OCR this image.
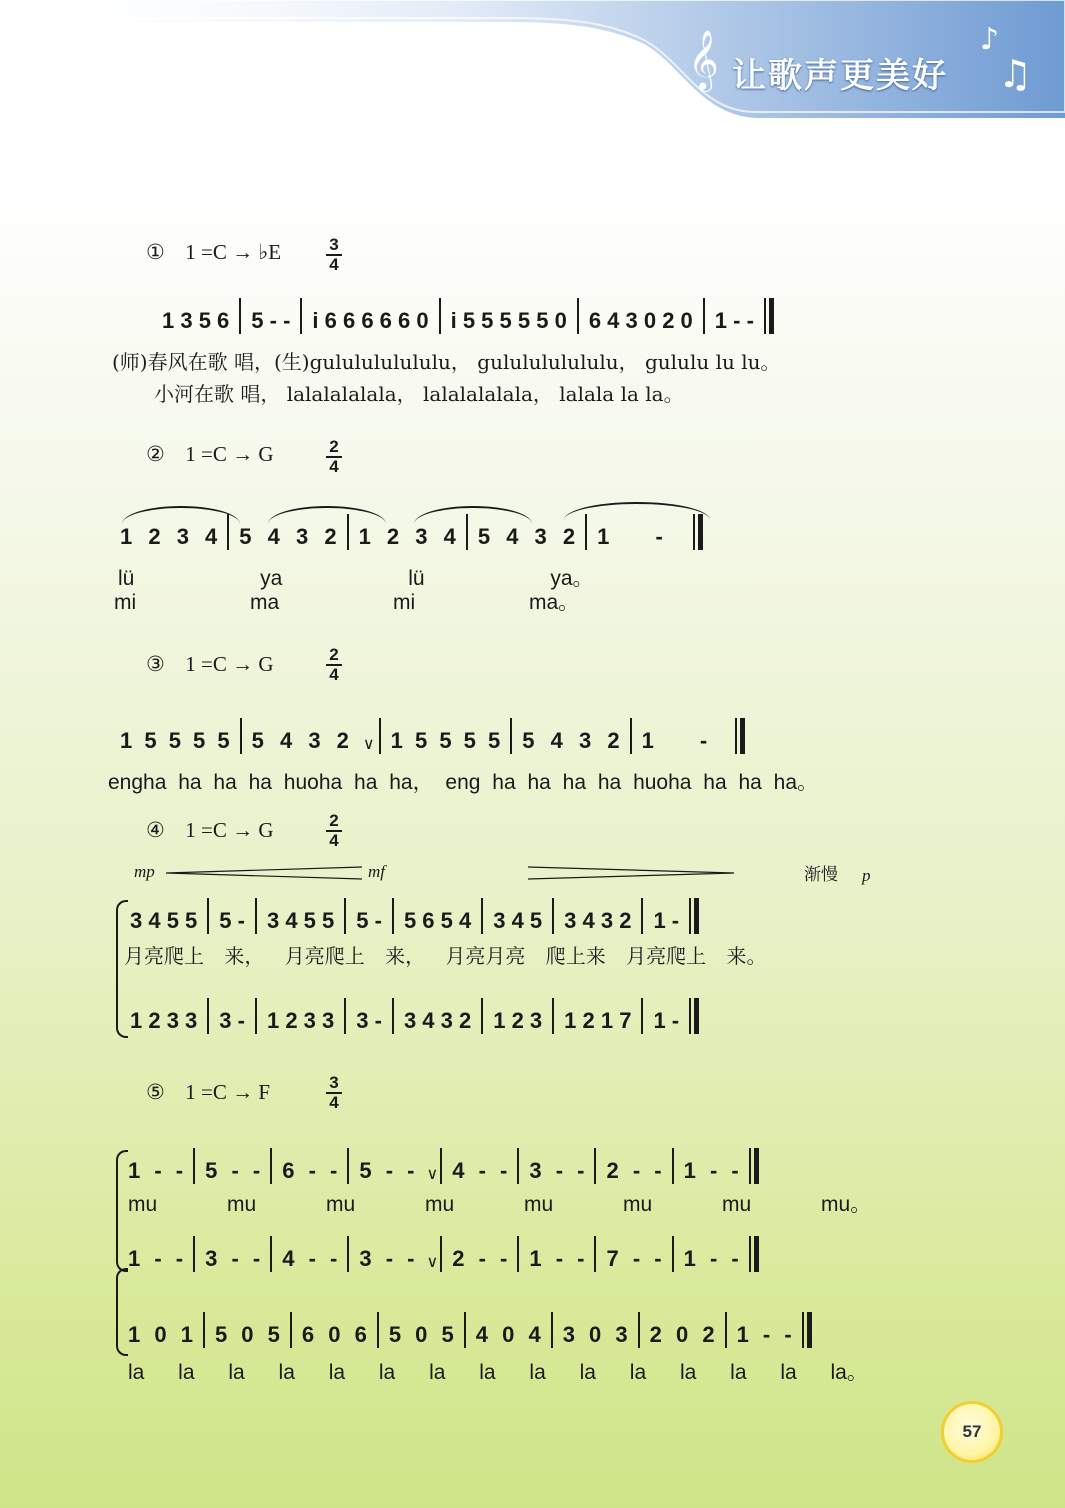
𝄞 让歌声更美好
♪
♫
① 1 =C → ♭E	3
4
1 3 5 6	5 - -	i 6 6 6 6 6 0	i 5 5 5 5 5 0	6 4 3 0 2 0	1 - -
(师)春风在歌 唱，(生)gululululululu， gululululululu， gululu lu lu。
小河在歌 唱， lalalalalala， lalalalalala， lalala la la。
② 1 =C → G	2
4
1 2 3 4	5 4 3 2	1 2 3 4	5 4 3 2	1 -
lü ya lü ya。
mi ma mi ma。
③ 1 =C → G	2
4
1 5 5 5 5	5 4 3 2 ∨ 1 5 5 5 5	5 4 3 2	1 -
engha ha ha ha huoha ha ha， eng ha ha ha ha huoha ha ha ha。
④ 1 =C → G	2
4
mp	mf	渐慢 p
3 4 5 5	5 -	3 4 5 5	5 -	5 6 5 4	3 4 5	3 4 3 2	1 -
月亮爬上 来， 月亮爬上 来， 月亮月亮 爬上来 月亮爬上 来。
1 2 3 3	3 -	1 2 3 3	3 -	3 4 3 2	1 2 3	1 2 1 7	1 -
⑤ 1 =C → F	3
4
1 - -	5 - -	6 - -	5 - - ∨ 4 - -	3 - -	2 - -	1 - -
mu mu mu mu mu mu mu mu。
1 - -	3 - -	4 - -	3 - - ∨ 2 - -	1 - -	7 - -	1 - -
1 0 1	5 0 5	6 0 6	5 0 5	4 0 4	3 0 3	2 0 2	1 - -
la la la la la la la la la la la la la la la。
57
